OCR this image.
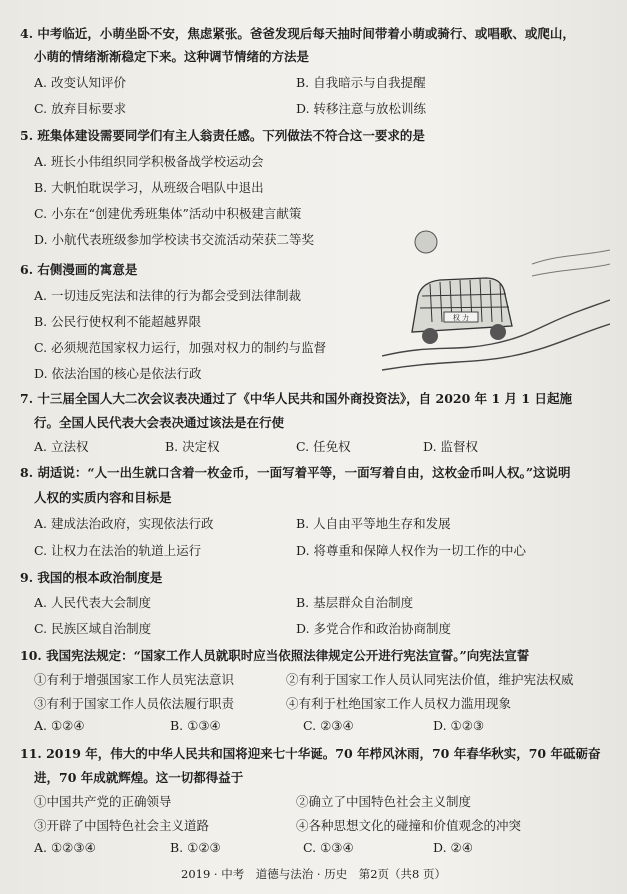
4. 中考临近，小萌坐卧不安，焦虑紧张。爸爸发现后每天抽时间带着小萌或骑行、或唱歌、或爬山，
小萌的情绪渐渐稳定下来。这种调节情绪的方法是
A. 改变认知评价	B. 自我暗示与自我提醒
C. 放弃目标要求	D. 转移注意与放松训练
5. 班集体建设需要同学们有主人翁责任感。下列做法不符合这一要求的是
A. 班长小伟组织同学积极备战学校运动会
B. 大帆怕耽误学习，从班级合唱队中退出
C. 小东在“创建优秀班集体”活动中积极建言献策
D. 小航代表班级参加学校读书交流活动荣获二等奖
6. 右侧漫画的寓意是
A. 一切违反宪法和法律的行为都会受到法律制裁
B. 公民行使权利不能超越界限
C. 必须规范国家权力运行，加强对权力的制约与监督
D. 依法治国的核心是依法行政
权 力
7. 十三届全国人大二次会议表决通过了《中华人民共和国外商投资法》，自 2020 年 1 月 1 日起施
行。全国人民代表大会表决通过该法是在行使
A. 立法权	B. 决定权	C. 任免权	D. 监督权
8. 胡适说：“人一出生就口含着一枚金币，一面写着平等，一面写着自由，这枚金币叫人权。”这说明
人权的实质内容和目标是
A. 建成法治政府，实现依法行政	B. 人自由平等地生存和发展
C. 让权力在法治的轨道上运行	D. 将尊重和保障人权作为一切工作的中心
9. 我国的根本政治制度是
A. 人民代表大会制度	B. 基层群众自治制度
C. 民族区域自治制度	D. 多党合作和政治协商制度
10. 我国宪法规定：“国家工作人员就职时应当依照法律规定公开进行宪法宣誓。”向宪法宣誓
①有利于增强国家工作人员宪法意识	②有利于国家工作人员认同宪法价值，维护宪法权威
③有利于国家工作人员依法履行职责	④有利于杜绝国家工作人员权力滥用现象
A. ①②④	B. ①③④	C. ②③④	D. ①②③
11. 2019 年，伟大的中华人民共和国将迎来七十华诞。70 年栉风沐雨，70 年春华秋实，70 年砥砺奋
进，70 年成就辉煌。这一切都得益于
①中国共产党的正确领导	②确立了中国特色社会主义制度
③开辟了中国特色社会主义道路	④各种思想文化的碰撞和价值观念的冲突
A. ①②③④	B. ①②③	C. ①③④	D. ②④
2019 · 中考　道德与法治 · 历史　第2页（共8 页）
